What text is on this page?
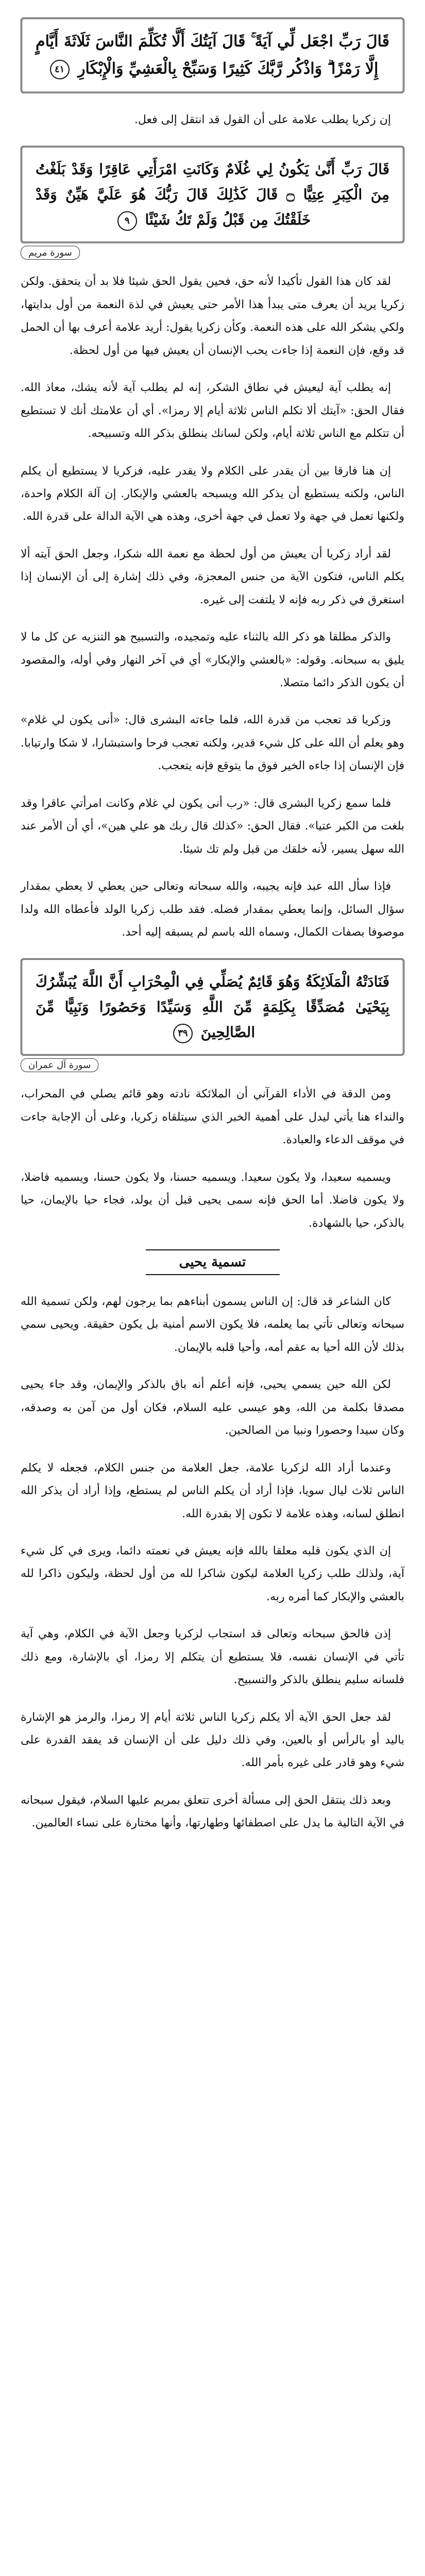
قَالَ رَبِّ اجْعَل لِّي آيَةً ۚ قَالَ آيَتُكَ أَلَّا تُكَلِّمَ النَّاسَ ثَلَاثَةَ أَيَّامٍ إِلَّا رَمْزًا ۗ وَاذْكُر رَّبَّكَ كَثِيرًا وَسَبِّحْ بِالْعَشِيِّ وَالْإِبْكَارِ ٤١

إن زكريا يطلب علامة على أن القول قد انتقل إلى فعل.

قَالَ رَبِّ أَنَّىٰ يَكُونُ لِي غُلَامٌ وَكَانَتِ امْرَأَتِي عَاقِرًا وَقَدْ بَلَغْتُ مِنَ الْكِبَرِ عِتِيًّا ۝ قَالَ كَذَٰلِكَ قَالَ رَبُّكَ هُوَ عَلَيَّ هَيِّنٌ وَقَدْ خَلَقْتُكَ مِن قَبْلُ وَلَمْ تَكُ شَيْئًا ٩
سورة مريم

لقد كان هذا القول تأكيدا لأنه حق، فحين يقول الحق شيئا فلا بد أن يتحقق. ولكن زكريا يريد أن يعرف متى يبدأ هذا الأمر حتى يعيش في لذة النعمة من أول بدايتها، ولكي يشكر الله على هذه النعمة. وكأن زكريا يقول: أريد علامة أعرف بها أن الحمل قد وقع، فإن النعمة إذا جاءت يحب الإنسان أن يعيش فيها من أول لحظة.

إنه يطلب آية ليعيش في نطاق الشكر، إنه لم يطلب آية لأنه يشك، معاذ الله. فقال الحق: «آيتك ألا تكلم الناس ثلاثة أيام إلا رمزا». أي أن علامتك أنك لا تستطيع أن تتكلم مع الناس ثلاثة أيام، ولكن لسانك ينطلق بذكر الله وتسبيحه.

إن هنا فارقا بين أن يقدر على الكلام ولا يقدر عليه، فزكريا لا يستطيع أن يكلم الناس، ولكنه يستطيع أن يذكر الله ويسبحه بالعشي والإبكار. إن آلة الكلام واحدة، ولكنها تعمل في جهة ولا تعمل في جهة أخرى، وهذه هي الآية الدالة على قدرة الله.

لقد أراد زكريا أن يعيش من أول لحظة مع نعمة الله شكرا، وجعل الحق آيته ألا يكلم الناس، فتكون الآية من جنس المعجزة، وفي ذلك إشارة إلى أن الإنسان إذا استغرق في ذكر ربه فإنه لا يلتفت إلى غيره.

والذكر مطلقا هو ذكر الله بالثناء عليه وتمجيده، والتسبيح هو التنزيه عن كل ما لا يليق به سبحانه. وقوله: «بالعشي والإبكار» أي في آخر النهار وفي أوله، والمقصود أن يكون الذكر دائما متصلا.

وزكريا قد تعجب من قدرة الله، فلما جاءته البشرى قال: «أنى يكون لي غلام» وهو يعلم أن الله على كل شيء قدير، ولكنه تعجب فرحا واستبشارا، لا شكا وارتيابا. فإن الإنسان إذا جاءه الخير فوق ما يتوقع فإنه يتعجب.

فلما سمع زكريا البشرى قال: «رب أنى يكون لي غلام وكانت امرأتي عاقرا وقد بلغت من الكبر عتيا». فقال الحق: «كذلك قال ربك هو علي هين»، أي أن الأمر عند الله سهل يسير، لأنه خلقك من قبل ولم تك شيئا.

فإذا سأل الله عبد فإنه يجيبه، والله سبحانه وتعالى حين يعطي لا يعطي بمقدار سؤال السائل، وإنما يعطي بمقدار فضله. فقد طلب زكريا الولد فأعطاه الله ولدا موصوفا بصفات الكمال، وسماه الله باسم لم يسبقه إليه أحد.

فَنَادَتْهُ الْمَلَائِكَةُ وَهُوَ قَائِمٌ يُصَلِّي فِي الْمِحْرَابِ أَنَّ اللَّهَ يُبَشِّرُكَ بِيَحْيَىٰ مُصَدِّقًا بِكَلِمَةٍ مِّنَ اللَّهِ وَسَيِّدًا وَحَصُورًا وَنَبِيًّا مِّنَ الصَّالِحِينَ ٣٩
سورة آل عمران

ومن الدقة في الأداء القرآني أن الملائكة نادته وهو قائم يصلي في المحراب، والنداء هنا يأتي ليدل على أهمية الخبر الذي سيتلقاه زكريا، وعلى أن الإجابة جاءت في موقف الدعاء والعبادة.

ويسميه سعيدا، ولا يكون سعيدا. ويسميه حسنا، ولا يكون حسنا، ويسميه فاضلا، ولا يكون فاضلا. أما الحق فإنه سمى يحيى قبل أن يولد، فجاء حيا بالإيمان، حيا بالذكر، حيا بالشهادة.

تسمية يحيى

كان الشاعر قد قال: إن الناس يسمون أبناءهم بما يرجون لهم، ولكن تسمية الله سبحانه وتعالى تأتي بما يعلمه، فلا يكون الاسم أمنية بل يكون حقيقة. ويحيى سمي بذلك لأن الله أحيا به عقم أمه، وأحيا قلبه بالإيمان.

لكن الله حين يسمي يحيى، فإنه أعلم أنه باق بالذكر والإيمان، وقد جاء يحيى مصدقا بكلمة من الله، وهو عيسى عليه السلام، فكان أول من آمن به وصدقه، وكان سيدا وحصورا ونبيا من الصالحين.

وعندما أراد الله لزكريا علامة، جعل العلامة من جنس الكلام، فجعله لا يكلم الناس ثلاث ليال سويا، فإذا أراد أن يكلم الناس لم يستطع، وإذا أراد أن يذكر الله انطلق لسانه، وهذه علامة لا تكون إلا بقدرة الله.

إن الذي يكون قلبه معلقا بالله فإنه يعيش في نعمته دائما، ويرى في كل شيء آية، ولذلك طلب زكريا العلامة ليكون شاكرا لله من أول لحظة، وليكون ذاكرا لله بالعشي والإبكار كما أمره ربه.

إذن فالحق سبحانه وتعالى قد استجاب لزكريا وجعل الآية في الكلام، وهي آية تأتي في الإنسان نفسه، فلا يستطيع أن يتكلم إلا رمزا، أي بالإشارة، ومع ذلك فلسانه سليم ينطلق بالذكر والتسبيح.

لقد جعل الحق الآية ألا يكلم زكريا الناس ثلاثة أيام إلا رمزا، والرمز هو الإشارة باليد أو بالرأس أو بالعين، وفي ذلك دليل على أن الإنسان قد يفقد القدرة على شيء وهو قادر على غيره بأمر الله.

وبعد ذلك ينتقل الحق إلى مسألة أخرى تتعلق بمريم عليها السلام، فيقول سبحانه في الآية التالية ما يدل على اصطفائها وطهارتها، وأنها مختارة على نساء العالمين.
